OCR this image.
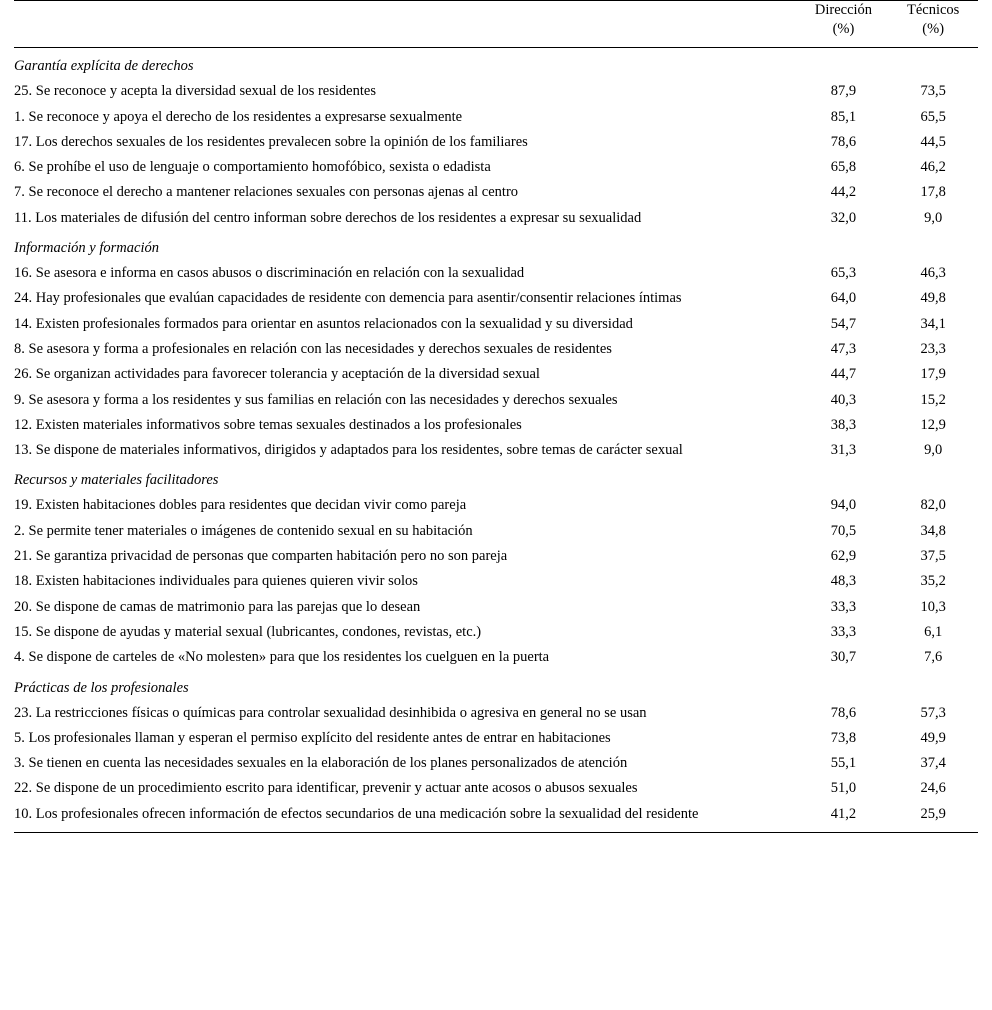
	Dirección
(%)	Técnicos
(%)

Garantía explícita de derechos		

25. Se reconoce y acepta la diversidad sexual de los residentes	87,9	73,5

1. Se reconoce y apoya el derecho de los residentes a expresarse sexualmente	85,1	65,5

17. Los derechos sexuales de los residentes prevalecen sobre la opinión de los familiares	78,6	44,5

6. Se prohíbe el uso de lenguaje o comportamiento homofóbico, sexista o edadista	65,8	46,2

7. Se reconoce el derecho a mantener relaciones sexuales con personas ajenas al centro	44,2	17,8

11. Los materiales de difusión del centro informan sobre derechos de los residentes a expresar su sexualidad	32,0	9,0
Información y formación		

16. Se asesora e informa en casos abusos o discriminación en relación con la sexualidad	65,3	46,3

24. Hay profesionales que evalúan capacidades de residente con demencia para asentir/consentir relaciones íntimas	64,0	49,8

14. Existen profesionales formados para orientar en asuntos relacionados con la sexualidad y su diversidad	54,7	34,1

8. Se asesora y forma a profesionales en relación con las necesidades y derechos sexuales de residentes	47,3	23,3

26. Se organizan actividades para favorecer tolerancia y aceptación de la diversidad sexual	44,7	17,9

9. Se asesora y forma a los residentes y sus familias en relación con las necesidades y derechos sexuales	40,3	15,2

12. Existen materiales informativos sobre temas sexuales destinados a los profesionales	38,3	12,9

13. Se dispone de materiales informativos, dirigidos y adaptados para los residentes, sobre temas de carácter sexual	31,3	9,0
Recursos y materiales facilitadores		

19. Existen habitaciones dobles para residentes que decidan vivir como pareja	94,0	82,0

2. Se permite tener materiales o imágenes de contenido sexual en su habitación	70,5	34,8

21. Se garantiza privacidad de personas que comparten habitación pero no son pareja	62,9	37,5

18. Existen habitaciones individuales para quienes quieren vivir solos	48,3	35,2

20. Se dispone de camas de matrimonio para las parejas que lo desean	33,3	10,3

15. Se dispone de ayudas y material sexual (lubricantes, condones, revistas, etc.)	33,3	6,1

4. Se dispone de carteles de «No molesten» para que los residentes los cuelguen en la puerta	30,7	7,6
Prácticas de los profesionales		

23. La restricciones físicas o químicas para controlar sexualidad desinhibida o agresiva en general no se usan	78,6	57,3

5. Los profesionales llaman y esperan el permiso explícito del residente antes de entrar en habitaciones	73,8	49,9

3. Se tienen en cuenta las necesidades sexuales en la elaboración de los planes personalizados de atención	55,1	37,4

22. Se dispone de un procedimiento escrito para identificar, prevenir y actuar ante acosos o abusos sexuales	51,0	24,6

10. Los profesionales ofrecen información de efectos secundarios de una medicación sobre la sexualidad del residente	41,2	25,9
